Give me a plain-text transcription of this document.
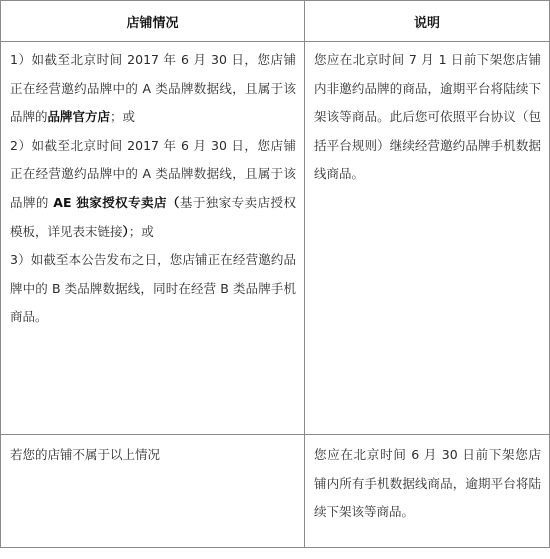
店铺情况	说明

1）如截至北京时间 2017 年 6 月 30 日，您店铺正在经营邀约品牌中的 A 类品牌数据线，且属于该品牌的品牌官方店；或
2）如截至北京时间 2017 年 6 月 30 日，您店铺正在经营邀约品牌中的 A 类品牌数据线，且属于该品牌的 AE 独家授权专卖店（基于独家专卖店授权模板，详见表末链接）；或
3）如截至本公告发布之日，您店铺正在经营邀约品牌中的 B 类品牌数据线，同时在经营 B 类品牌手机商品。	您应在北京时间 7 月 1 日前下架您店铺内非邀约品牌的商品，逾期平台将陆续下架该等商品。此后您可依照平台协议（包括平台规则）继续经营邀约品牌手机数据线商品。
若您的店铺不属于以上情况	您应在北京时间 6 月 30 日前下架您店铺内所有手机数据线商品，逾期平台将陆续下架该等商品。
